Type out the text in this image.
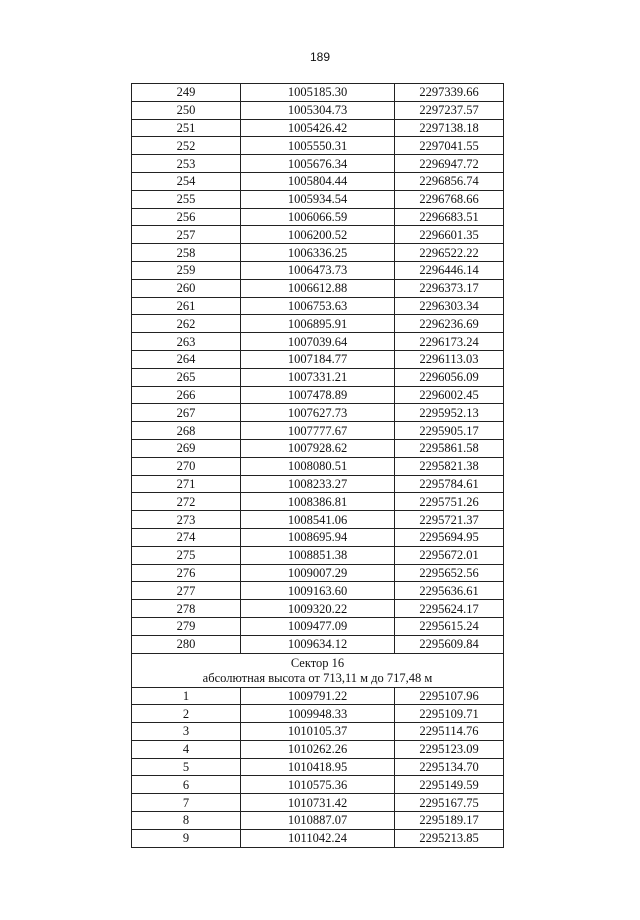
189
249	1005185.30	2297339.66
250	1005304.73	2297237.57
251	1005426.42	2297138.18
252	1005550.31	2297041.55
253	1005676.34	2296947.72
254	1005804.44	2296856.74
255	1005934.54	2296768.66
256	1006066.59	2296683.51
257	1006200.52	2296601.35
258	1006336.25	2296522.22
259	1006473.73	2296446.14
260	1006612.88	2296373.17
261	1006753.63	2296303.34
262	1006895.91	2296236.69
263	1007039.64	2296173.24
264	1007184.77	2296113.03
265	1007331.21	2296056.09
266	1007478.89	2296002.45
267	1007627.73	2295952.13
268	1007777.67	2295905.17
269	1007928.62	2295861.58
270	1008080.51	2295821.38
271	1008233.27	2295784.61
272	1008386.81	2295751.26
273	1008541.06	2295721.37
274	1008695.94	2295694.95
275	1008851.38	2295672.01
276	1009007.29	2295652.56
277	1009163.60	2295636.61
278	1009320.22	2295624.17
279	1009477.09	2295615.24
280	1009634.12	2295609.84

Сектор 16
абсолютная высота от 713,11 м до 717,48 м		

1	1009791.22	2295107.96
2	1009948.33	2295109.71
3	1010105.37	2295114.76
4	1010262.26	2295123.09
5	1010418.95	2295134.70
6	1010575.36	2295149.59
7	1010731.42	2295167.75
8	1010887.07	2295189.17
9	1011042.24	2295213.85
